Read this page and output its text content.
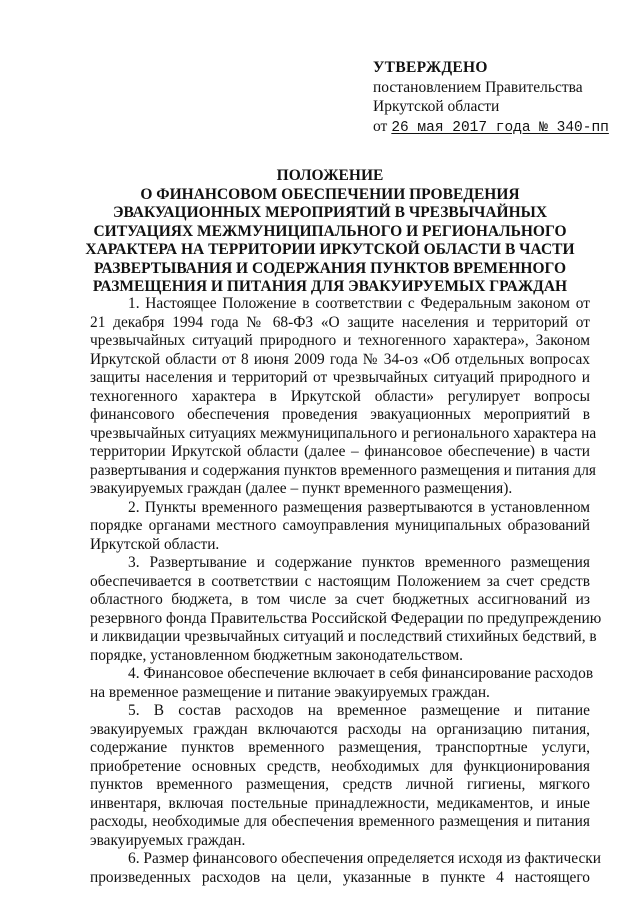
УТВЕРЖДЕНО
постановлением Правительства
Иркутской области
от 26 мая 2017 года № 340-пп
ПОЛОЖЕНИЕ
О ФИНАНСОВОМ ОБЕСПЕЧЕНИИ ПРОВЕДЕНИЯ
ЭВАКУАЦИОННЫХ МЕРОПРИЯТИЙ В ЧРЕЗВЫЧАЙНЫХ
СИТУАЦИЯХ МЕЖМУНИЦИПАЛЬНОГО И РЕГИОНАЛЬНОГО
ХАРАКТЕРА НА ТЕРРИТОРИИ ИРКУТСКОЙ ОБЛАСТИ В ЧАСТИ
РАЗВЕРТЫВАНИЯ И СОДЕРЖАНИЯ ПУНКТОВ ВРЕМЕННОГО
РАЗМЕЩЕНИЯ И ПИТАНИЯ ДЛЯ ЭВАКУИРУЕМЫХ ГРАЖДАН
1. Настоящее Положение в соответствии с Федеральным законом от
21 декабря 1994 года № 68-ФЗ «О защите населения и территорий от
чрезвычайных ситуаций природного и техногенного характера», Законом
Иркутской области от 8 июня 2009 года № 34-оз «Об отдельных вопросах
защиты населения и территорий от чрезвычайных ситуаций природного и
техногенного характера в Иркутской области» регулирует вопросы
финансового обеспечения проведения эвакуационных мероприятий в
чрезвычайных ситуациях межмуниципального и регионального характера на
территории Иркутской области (далее – финансовое обеспечение) в части
развертывания и содержания пунктов временного размещения и питания для
эвакуируемых граждан (далее – пункт временного размещения).
2. Пункты временного размещения развертываются в установленном
порядке органами местного самоуправления муниципальных образований
Иркутской области.
3. Развертывание и содержание пунктов временного размещения
обеспечивается в соответствии с настоящим Положением за счет средств
областного бюджета, в том числе за счет бюджетных ассигнований из
резервного фонда Правительства Российской Федерации по предупреждению
и ликвидации чрезвычайных ситуаций и последствий стихийных бедствий, в
порядке, установленном бюджетным законодательством.
4. Финансовое обеспечение включает в себя финансирование расходов
на временное размещение и питание эвакуируемых граждан.
5. В состав расходов на временное размещение и питание
эвакуируемых граждан включаются расходы на организацию питания,
содержание пунктов временного размещения, транспортные услуги,
приобретение основных средств, необходимых для функционирования
пунктов временного размещения, средств личной гигиены, мягкого
инвентаря, включая постельные принадлежности, медикаментов, и иные
расходы, необходимые для обеспечения временного размещения и питания
эвакуируемых граждан.
6. Размер финансового обеспечения определяется исходя из фактически
произведенных расходов на цели, указанные в пункте 4 настоящего
